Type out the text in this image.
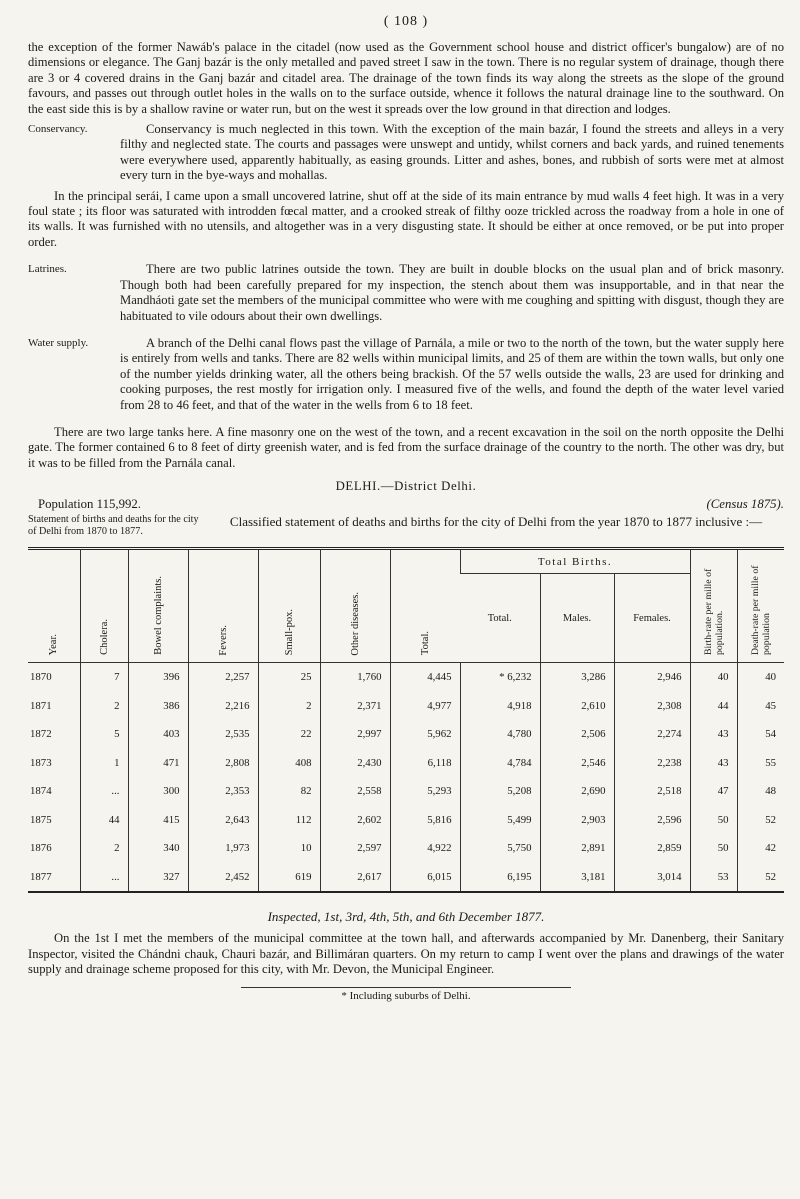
( 108 )

the exception of the former Nawáb's palace in the citadel (now used as the Government school house and district officer's bungalow) are of no dimensions or elegance. The Ganj bazár is the only metalled and paved street I saw in the town. There is no regular system of drainage, though there are 3 or 4 covered drains in the Ganj bazár and citadel area. The drainage of the town finds its way along the streets as the slope of the ground favours, and passes out through outlet holes in the walls on to the surface outside, whence it follows the natural drainage line to the southward. On the east side this is by a shallow ravine or water run, but on the west it spreads over the low ground in that direction and lodges.

Conservancy.	Conservancy is much neglected in this town. With the exception of the main bazár, I found the streets and alleys in a very filthy and neglected state. The courts and passages were unswept and untidy, whilst corners and back yards, and ruined tenements were everywhere used, apparently habitually, as easing grounds. Litter and ashes, bones, and rubbish of sorts were met at almost every turn in the bye-ways and mohallas.

In the principal serái, I came upon a small uncovered latrine, shut off at the side of its main entrance by mud walls 4 feet high. It was in a very foul state ; its floor was saturated with introdden fœcal matter, and a crooked streak of filthy ooze trickled across the roadway from a hole in one of its walls. It was furnished with no utensils, and altogether was in a very disgusting state. It should be either at once removed, or be put into proper order.

Latrines.	There are two public latrines outside the town. They are built in double blocks on the usual plan and of brick masonry. Though both had been carefully prepared for my inspection, the stench about them was insupportable, and in that near the Mandháoti gate set the members of the municipal committee who were with me coughing and spitting with disgust, though they are habituated to vile odours about their own dwellings.

Water supply.	A branch of the Delhi canal flows past the village of Parnála, a mile or two to the north of the town, but the water supply here is entirely from wells and tanks. There are 82 wells within municipal limits, and 25 of them are within the town walls, but only one of the number yields drinking water, all the others being brackish. Of the 57 wells outside the walls, 23 are used for drinking and cooking purposes, the rest mostly for irrigation only. I measured five of the wells, and found the depth of the water level varied from 28 to 46 feet, and that of the water in the wells from 6 to 18 feet.

There are two large tanks here. A fine masonry one on the west of the town, and a recent excavation in the soil on the north opposite the Delhi gate. The former contained 6 to 8 feet of dirty greenish water, and is fed from the surface drainage of the country to the north. The other was dry, but it was to be filled from the Parnála canal.

DELHI.—District Delhi.
Population 115,992.	(Census 1875).
Statement of births and deaths for the city of Delhi from 1870 to 1877.
Classified statement of deaths and births for the city of Delhi from the year 1870 to 1877 inclusive :—
Year.	Cholera.	Bowel complaints.	Fevers.	Small-pox.	Other diseases.	Total.	Total Births.			Birth-rate per mille of population.	Death-rate per mille of population
							Total.	Males.	Females.		
1870	7	396	2,257	25	1,760	4,445	* 6,232	3,286	2,946	40	40
1871	2	386	2,216	2	2,371	4,977	4,918	2,610	2,308	44	45
1872	5	403	2,535	22	2,997	5,962	4,780	2,506	2,274	43	54
1873	1	471	2,808	408	2,430	6,118	4,784	2,546	2,238	43	55
1874	...	300	2,353	82	2,558	5,293	5,208	2,690	2,518	47	48
1875	44	415	2,643	112	2,602	5,816	5,499	2,903	2,596	50	52
1876	2	340	1,973	10	2,597	4,922	5,750	2,891	2,859	50	42
1877	...	327	2,452	619	2,617	6,015	6,195	3,181	3,014	53	52
Inspected, 1st, 3rd, 4th, 5th, and 6th December 1877.

On the 1st I met the members of the municipal committee at the town hall, and afterwards accompanied by Mr. Danenberg, their Sanitary Inspector, visited the Chándni chauk, Chauri bazár, and Billimáran quarters. On my return to camp I went over the plans and drawings of the water supply and drainage scheme proposed for this city, with Mr. Devon, the Municipal Engineer.

* Including suburbs of Delhi.
